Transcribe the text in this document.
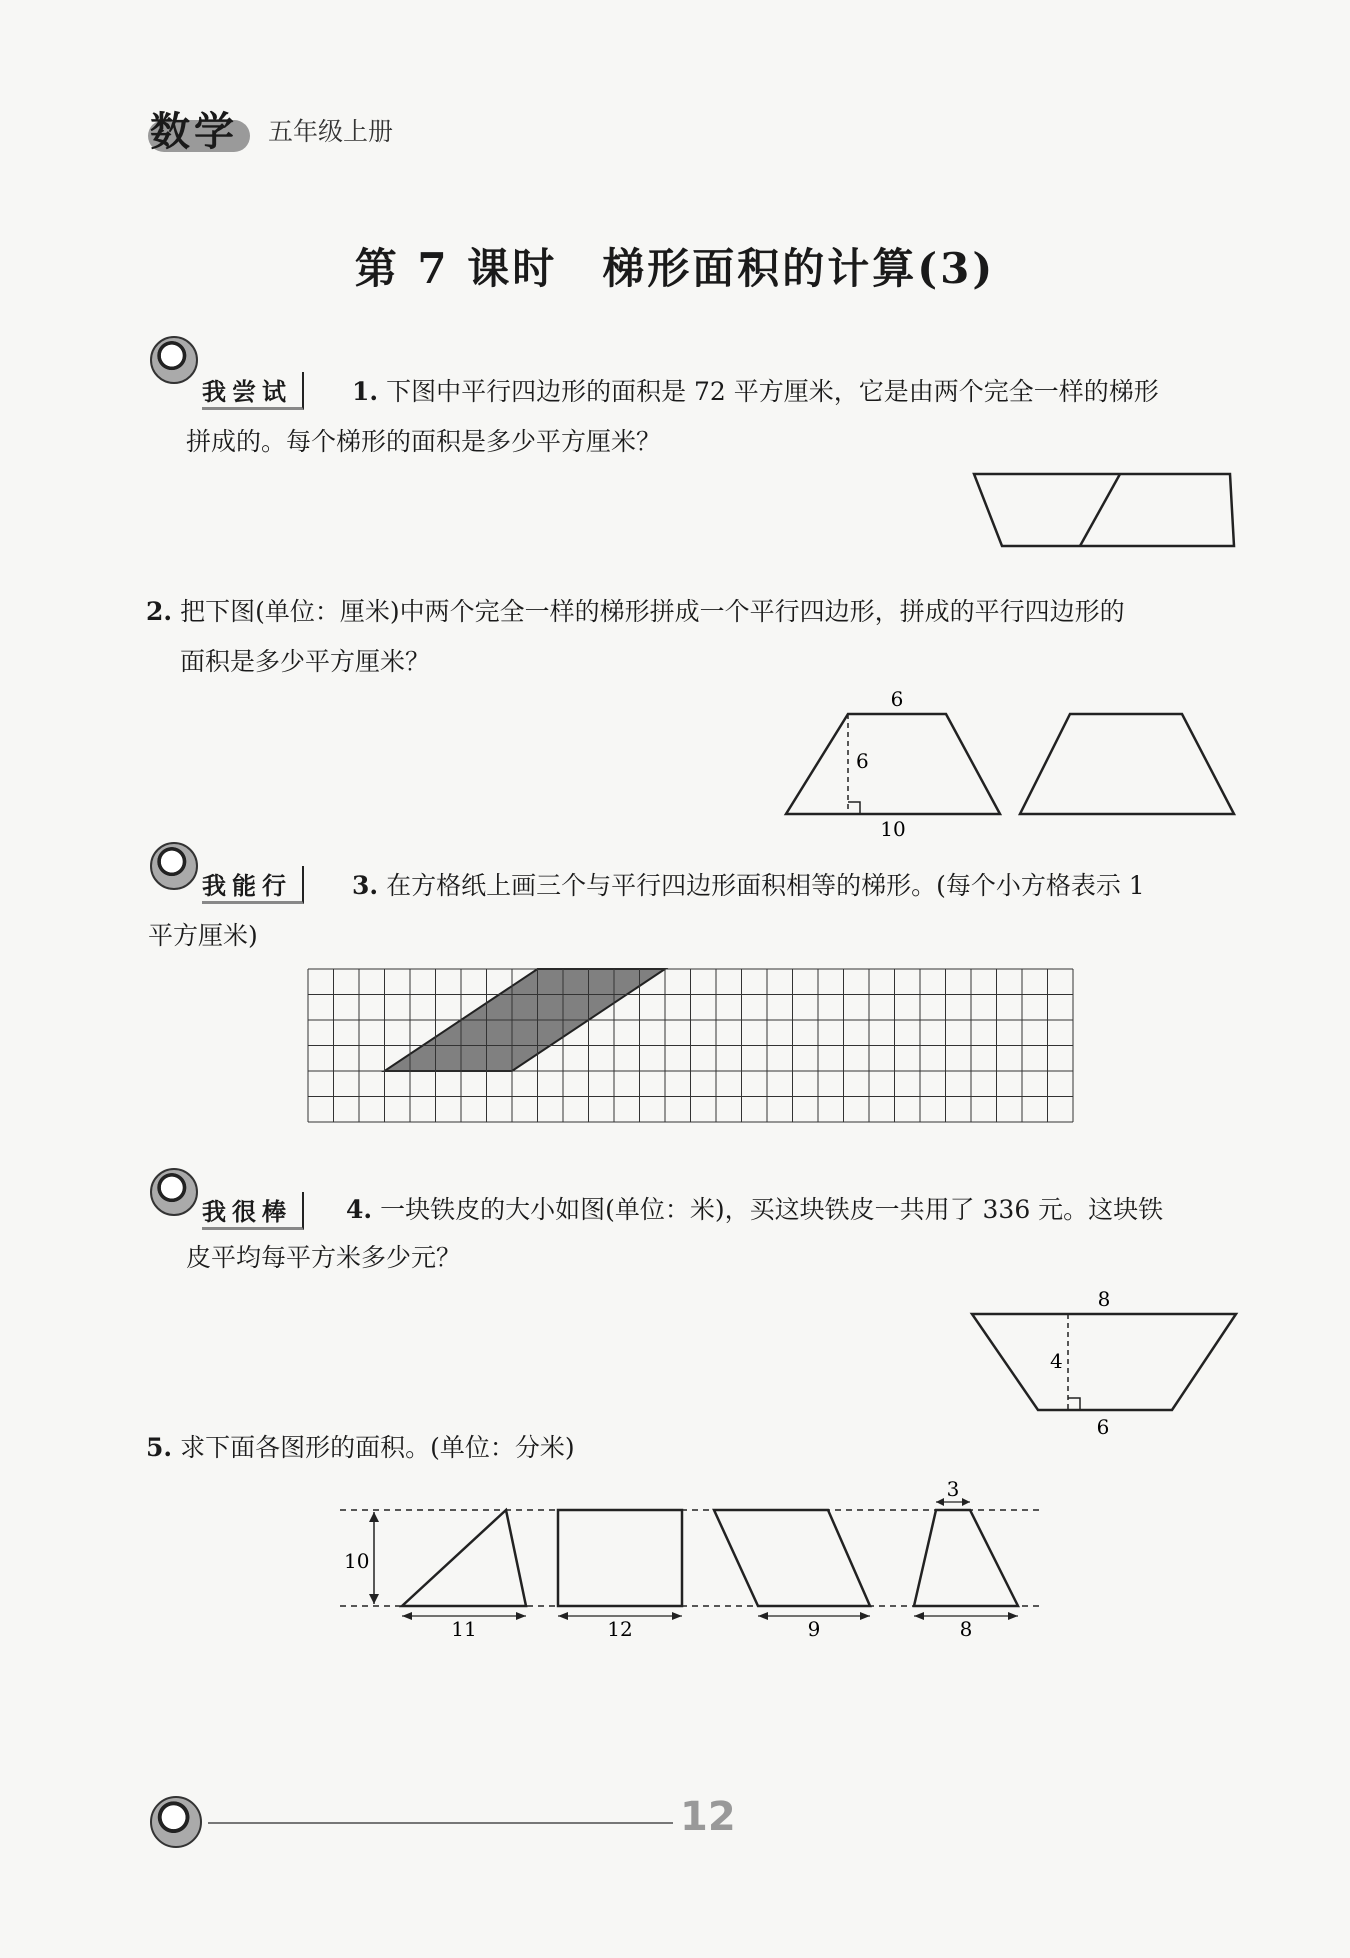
数学 五年级上册
第 7 课时　梯形面积的计算(3)
我尝试	1. 下图中平行四边形的面积是 72 平方厘米，它是由两个完全一样的梯形
拼成的。每个梯形的面积是多少平方厘米？
2. 把下图(单位：厘米)中两个完全一样的梯形拼成一个平行四边形，拼成的平行四边形的
面积是多少平方厘米？
6
6
10
我能行	3. 在方格纸上画三个与平行四边形面积相等的梯形。(每个小方格表示 1
平方厘米)
我很棒	4. 一块铁皮的大小如图(单位：米)，买这块铁皮一共用了 336 元。这块铁
皮平均每平方米多少元？
8
4
6
5. 求下面各图形的面积。(单位：分米)
10
11	12	9
3
8
12
